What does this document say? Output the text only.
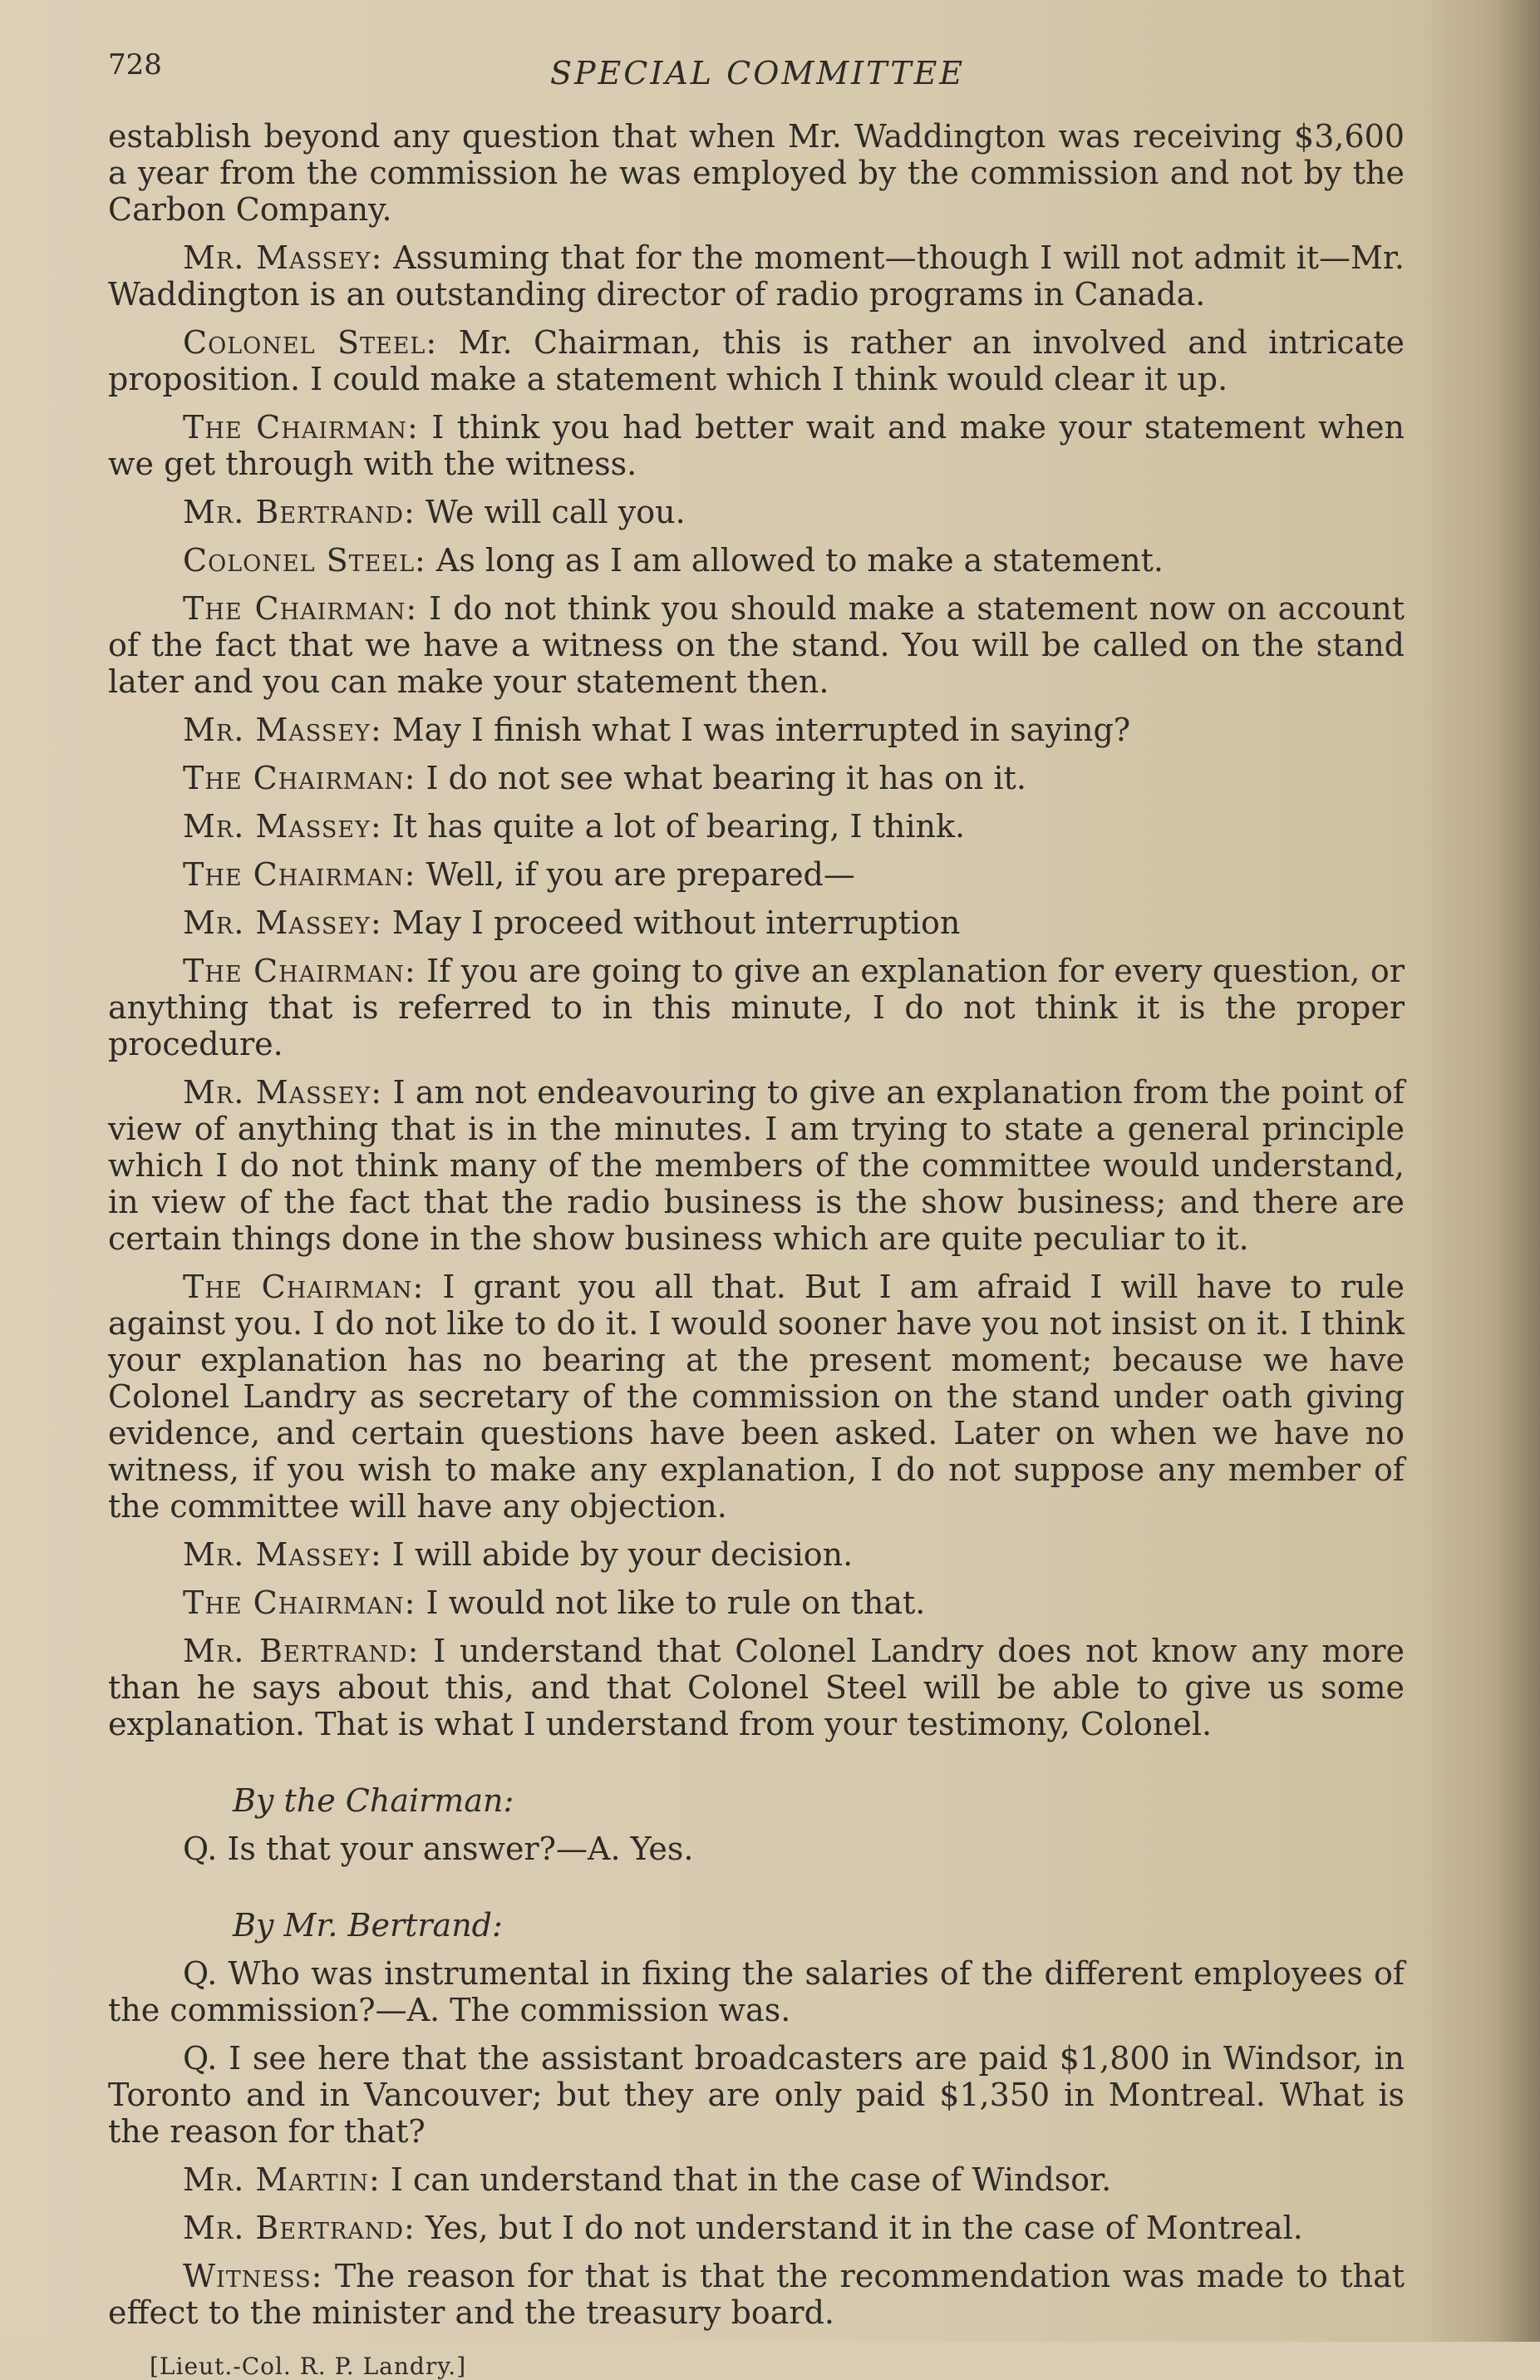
728	SPECIAL COMMITTEE

establish beyond any question that when Mr. Waddington was receiving $3,600 a year from the commission he was employed by the commission and not by the Carbon Company.

Mr. Massey: Assuming that for the moment—though I will not admit it—Mr. Waddington is an outstanding director of radio programs in Canada.

Colonel Steel: Mr. Chairman, this is rather an involved and intricate proposition. I could make a statement which I think would clear it up.

The Chairman: I think you had better wait and make your statement when we get through with the witness.

Mr. Bertrand: We will call you.

Colonel Steel: As long as I am allowed to make a statement.

The Chairman: I do not think you should make a statement now on account of the fact that we have a witness on the stand. You will be called on the stand later and you can make your statement then.

Mr. Massey: May I finish what I was interrupted in saying?

The Chairman: I do not see what bearing it has on it.

Mr. Massey: It has quite a lot of bearing, I think.

The Chairman: Well, if you are prepared—

Mr. Massey: May I proceed without interruption

The Chairman: If you are going to give an explanation for every question, or anything that is referred to in this minute, I do not think it is the proper procedure.

Mr. Massey: I am not endeavouring to give an explanation from the point of view of anything that is in the minutes. I am trying to state a general principle which I do not think many of the members of the committee would understand, in view of the fact that the radio business is the show business; and there are certain things done in the show business which are quite peculiar to it.

The Chairman: I grant you all that. But I am afraid I will have to rule against you. I do not like to do it. I would sooner have you not insist on it. I think your explanation has no bearing at the present moment; because we have Colonel Landry as secretary of the commission on the stand under oath giving evidence, and certain questions have been asked. Later on when we have no witness, if you wish to make any explanation, I do not suppose any member of the committee will have any objection.

Mr. Massey: I will abide by your decision.

The Chairman: I would not like to rule on that.

Mr. Bertrand: I understand that Colonel Landry does not know any more than he says about this, and that Colonel Steel will be able to give us some explanation. That is what I understand from your testimony, Colonel.

By the Chairman:

Q. Is that your answer?—A. Yes.

By Mr. Bertrand:

Q. Who was instrumental in fixing the salaries of the different employees of the commission?—A. The commission was.

Q. I see here that the assistant broadcasters are paid $1,800 in Windsor, in Toronto and in Vancouver; but they are only paid $1,350 in Montreal. What is the reason for that?

Mr. Martin: I can understand that in the case of Windsor.

Mr. Bertrand: Yes, but I do not understand it in the case of Montreal.

Witness: The reason for that is that the recommendation was made to that effect to the minister and the treasury board.

[Lieut.-Col. R. P. Landry.]
